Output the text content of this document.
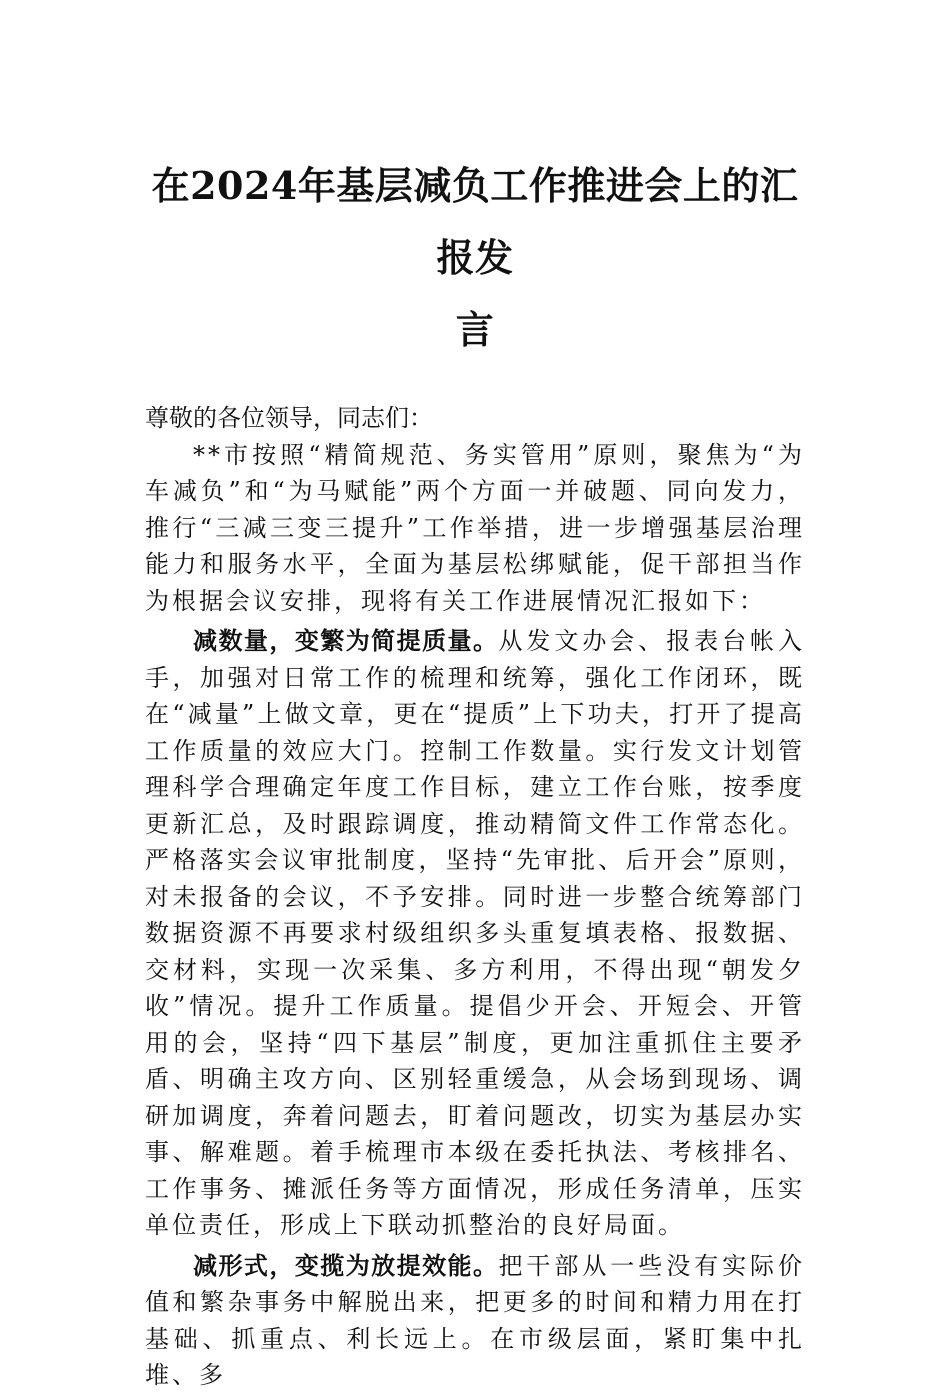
在2024年基层减负工作推进会上的汇报发
言

尊敬的各位领导，同志们：

**市按照“精简规范、务实管用”原则，聚焦为“为车减负”和“为马赋能”两个方面一并破题、同向发力，推行“三减三变三提升”工作举措，进一步增强基层治理能力和服务水平，全面为基层松绑赋能，促干部担当作为根据会议安排，现将有关工作进展情况汇报如下：

减数量，变繁为简提质量。从发文办会、报表台帐入手，加强对日常工作的梳理和统筹，强化工作闭环，既在“减量”上做文章，更在“提质”上下功夫，打开了提高工作质量的效应大门。控制工作数量。实行发文计划管理科学合理确定年度工作目标，建立工作台账，按季度更新汇总，及时跟踪调度，推动精简文件工作常态化。严格落实会议审批制度，坚持“先审批、后开会”原则，对未报备的会议，不予安排。同时进一步整合统筹部门数据资源不再要求村级组织多头重复填表格、报数据、交材料，实现一次采集、多方利用，不得出现“朝发夕收”情况。提升工作质量。提倡少开会、开短会、开管用的会，坚持“四下基层”制度，更加注重抓住主要矛盾、明确主攻方向、区别轻重缓急，从会场到现场、调研加调度，奔着问题去，盯着问题改，切实为基层办实事、解难题。着手梳理市本级在委托执法、考核排名、工作事务、摊派任务等方面情况，形成任务清单，压实单位责任，形成上下联动抓整治的良好局面。

减形式，变揽为放提效能。把干部从一些没有实际价值和繁杂事务中解脱出来，把更多的时间和精力用在打基础、抓重点、利长远上。在市级层面，紧盯集中扎堆、多
